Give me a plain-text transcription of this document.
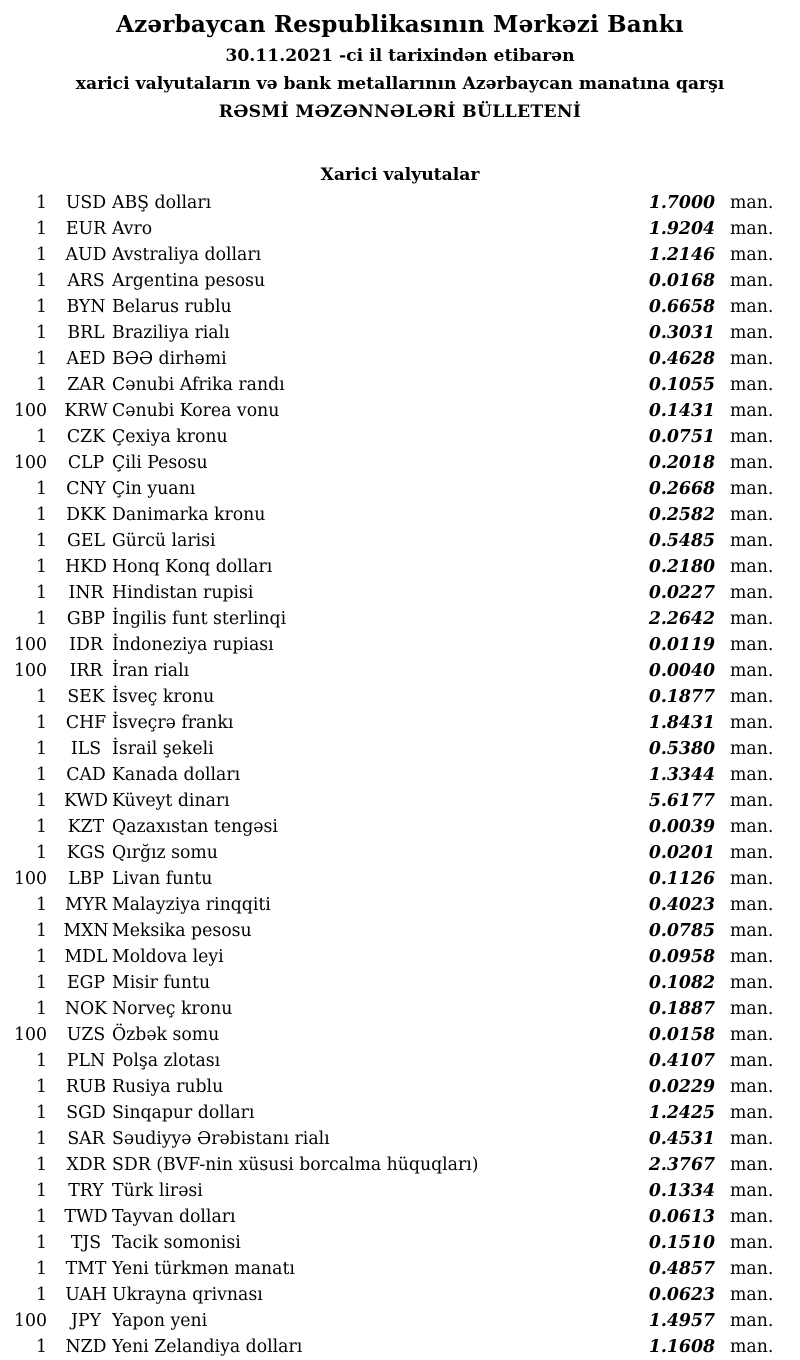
Azərbaycan Respublikasının Mərkəzi Bankı
30.11.2021 -ci il tarixindən etibarən
xarici valyutaların və bank metallarının Azərbaycan manatına qarşı
RƏSMİ MƏZƏNNƏLƏRİ BÜLLETENİ
Xarici valyutalar
1	USD ABŞ dolları	1.7000 man.
1	EUR Avro	1.9204 man.
1	AUD Avstraliya dolları	1.2146 man.
1	ARS Argentina pesosu	0.0168 man.
1	BYN Belarus rublu	0.6658 man.
1	BRL Braziliya rialı	0.3031 man.
1	AED BƏƏ dirhəmi	0.4628 man.
1	ZAR Cənubi Afrika randı	0.1055 man.
100	KRW Cənubi Korea vonu	0.1431 man.
1	CZK Çexiya kronu	0.0751 man.
100	CLP Çili Pesosu	0.2018 man.
1	CNY Çin yuanı	0.2668 man.
1	DKK Danimarka kronu	0.2582 man.
1	GEL Gürcü larisi	0.5485 man.
1	HKD Honq Konq dolları	0.2180 man.
1	INR Hindistan rupisi	0.0227 man.
1	GBP İngilis funt sterlinqi	2.2642 man.
100	IDR İndoneziya rupiası	0.0119 man.
100	IRR İran rialı	0.0040 man.
1	SEK İsveç kronu	0.1877 man.
1	CHF İsveçrə frankı	1.8431 man.
1	ILS İsrail şekeli	0.5380 man.
1	CAD Kanada dolları	1.3344 man.
1 KWD Küveyt dinarı	5.6177 man.
1	KZT Qazaxıstan tengəsi	0.0039 man.
1	KGS Qırğız somu	0.0201 man.
100	LBP Livan funtu	0.1126 man.
1	MYR Malayziya rinqqiti	0.4023 man.
1 MXN Meksika pesosu	0.0785 man.
1	MDL Moldova leyi	0.0958 man.
1	EGP Misir funtu	0.1082 man.
1	NOK Norveç kronu	0.1887 man.
100	UZS Özbək somu	0.0158 man.
1	PLN Polşa zlotası	0.4107 man.
1	RUB Rusiya rublu	0.0229 man.
1	SGD Sinqapur dolları	1.2425 man.
1	SAR Səudiyyə Ərəbistanı rialı	0.4531 man.
1	XDR SDR (BVF-nin xüsusi borcalma hüquqları)	2.3767 man.
1	TRY Türk lirəsi	0.1334 man.
1	TWD Tayvan dolları	0.0613 man.
1	TJS Tacik somonisi	0.1510 man.
1	TMT Yeni türkmən manatı	0.4857 man.
1	UAH Ukrayna qrivnası	0.0623 man.
100	JPY Yapon yeni	1.4957 man.
1	NZD Yeni Zelandiya dolları	1.1608 man.
